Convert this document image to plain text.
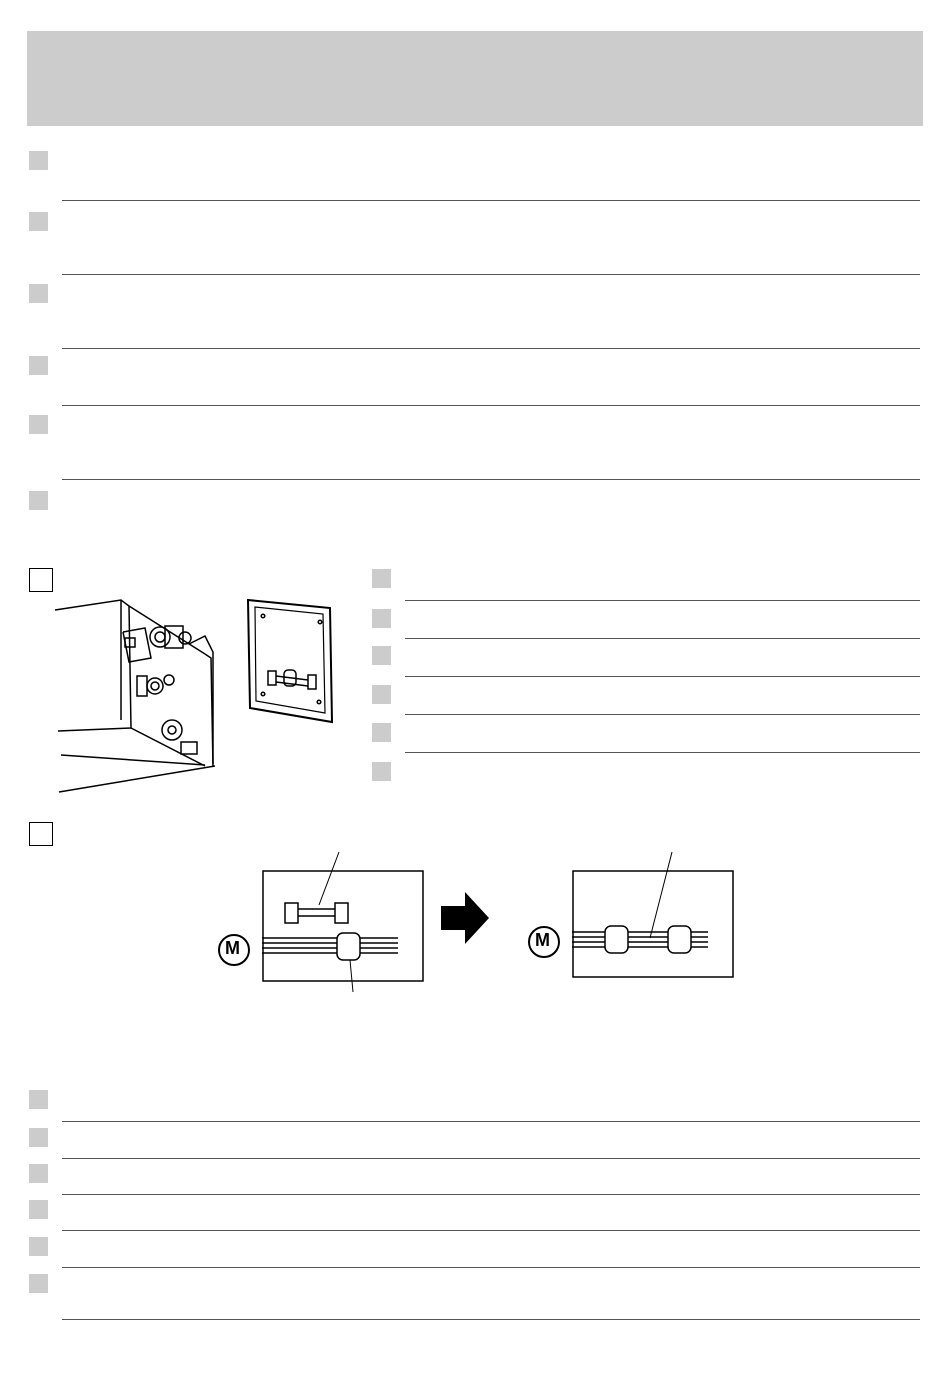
M	M
